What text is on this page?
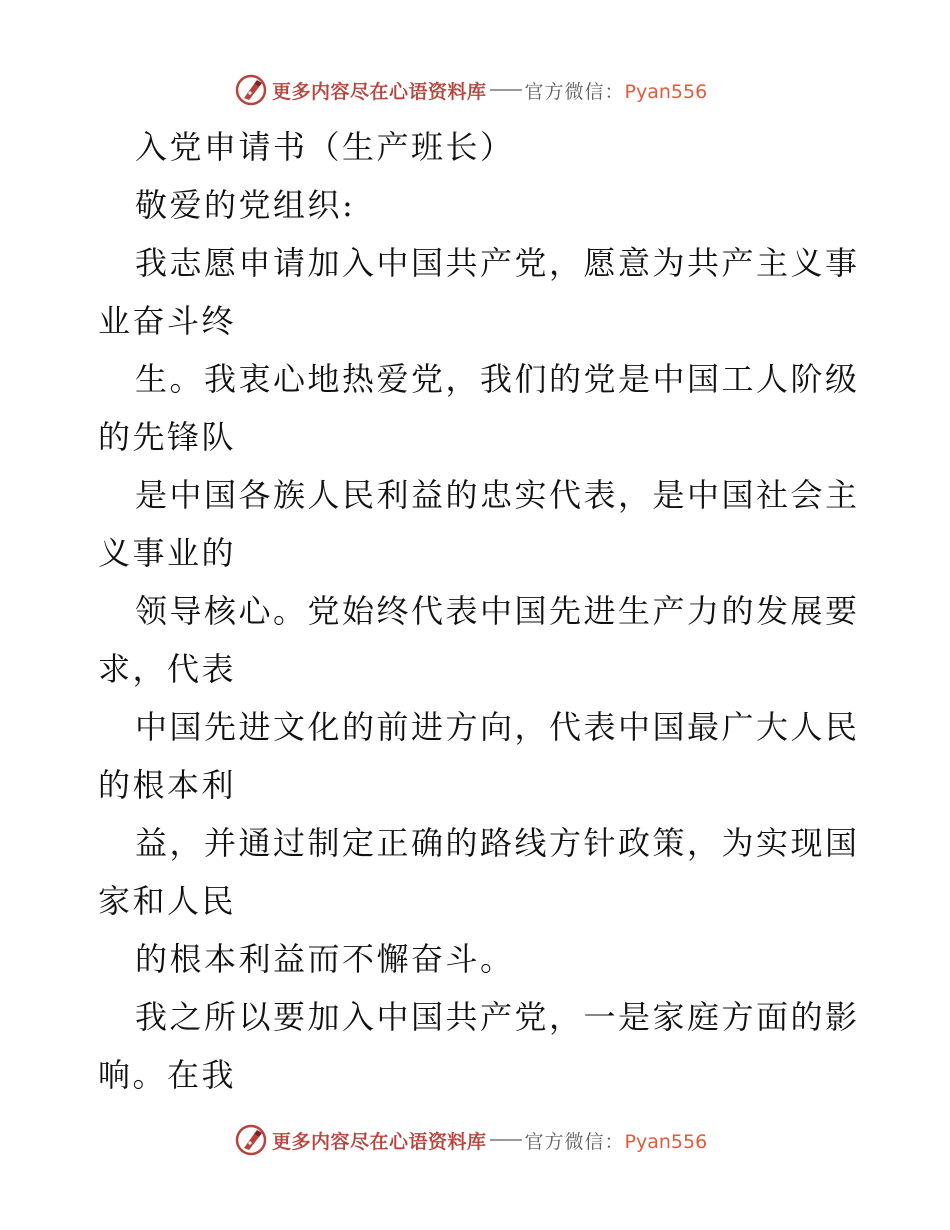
更多内容尽在心语资料库 官方微信：Pyan556
入党申请书（生产班长）
敬爱的党组织:
我志愿申请加入中国共产党，愿意为共产主义事
业奋斗终
生。我衷心地热爱党，我们的党是中国工人阶级
的先锋队
是中国各族人民利益的忠实代表，是中国社会主
义事业的
领导核心。党始终代表中国先进生产力的发展要
求，代表
中国先进文化的前进方向，代表中国最广大人民
的根本利
益，并通过制定正确的路线方针政策，为实现国
家和人民
的根本利益而不懈奋斗。
我之所以要加入中国共产党，一是家庭方面的影
响。在我
更多内容尽在心语资料库 官方微信：Pyan556
